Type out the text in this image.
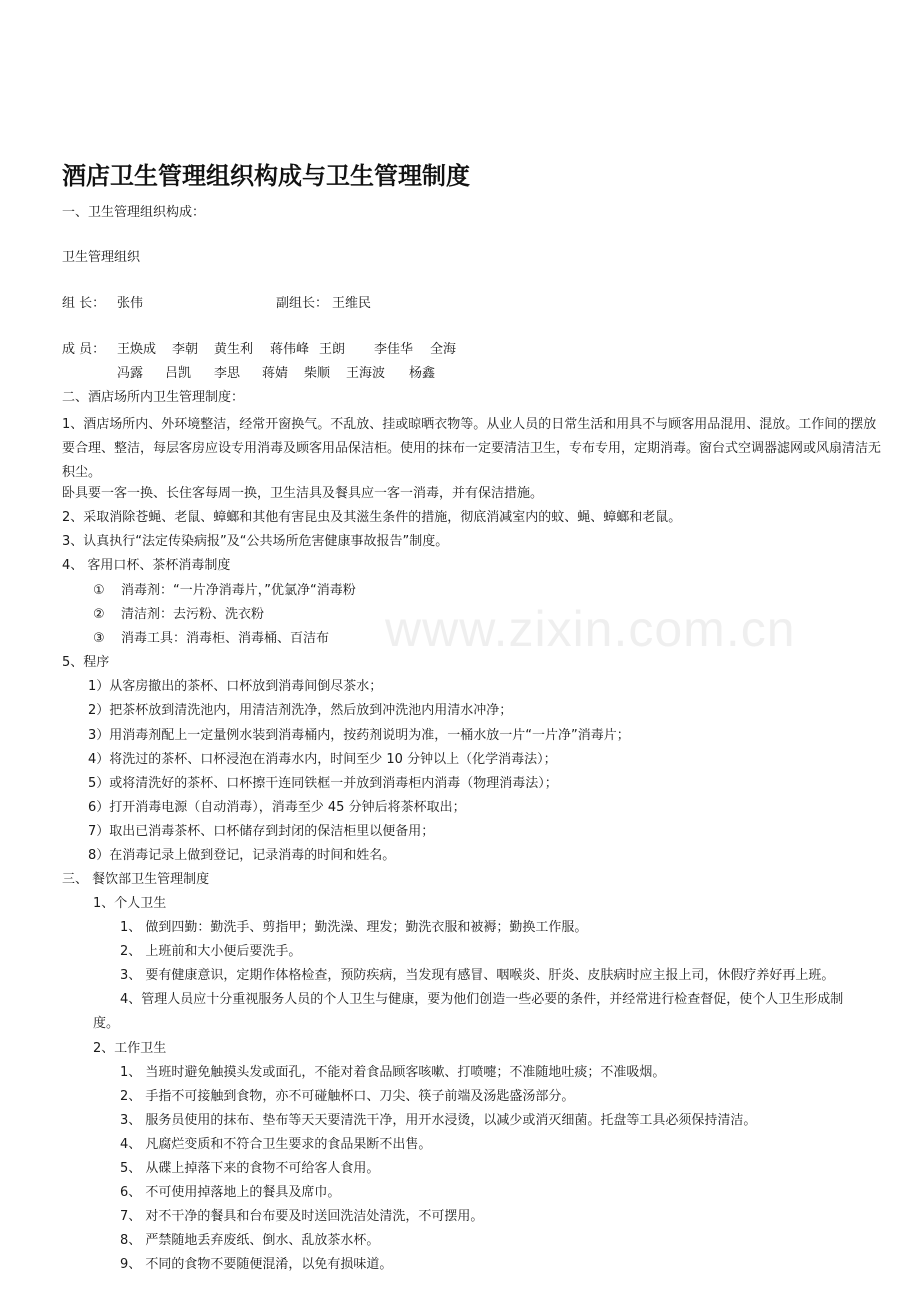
酒店卫生管理组织构成与卫生管理制度
一、卫生管理组织构成：
卫生管理组织
组 长： 张伟	副组长： 王维民
成 员： 王焕成 李朝 黄生利 蒋伟峰 王朗 李佳华 全海
冯露 吕凯 李思 蒋婧 柴顺 王海波 杨鑫
二、酒店场所内卫生管理制度：
1、酒店场所内、外环境整洁，经常开窗换气。不乱放、挂或晾晒衣物等。从业人员的日常生活和用具不与顾客用品混用、混放。工作间的摆放要合理、整洁，每层客房应设专用消毒及顾客用品保洁柜。使用的抹布一定要清洁卫生，专布专用，定期消毒。窗台式空调器滤网或风扇清洁无积尘。
卧具要一客一换、长住客每周一换，卫生洁具及餐具应一客一消毒，并有保洁措施。
2、采取消除苍蝇、老鼠、蟑螂和其他有害昆虫及其滋生条件的措施，彻底消减室内的蚊、蝇、蟑螂和老鼠。
3、认真执行“法定传染病报”及“公共场所危害健康事故报告”制度。
4、 客用口杯、茶杯消毒制度
① 消毒剂：“一片净消毒片，”优氯净“消毒粉
② 清洁剂：去污粉、洗衣粉
③ 消毒工具：消毒柜、消毒桶、百洁布
5、程序
1）从客房撤出的茶杯、口杯放到消毒间倒尽茶水；
2）把茶杯放到清洗池内，用清洁剂洗净，然后放到冲洗池内用清水冲净；
3）用消毒剂配上一定量例水装到消毒桶内，按药剂说明为准，一桶水放一片“一片净”消毒片；
4）将洗过的茶杯、口杯浸泡在消毒水内，时间至少 10 分钟以上（化学消毒法）；
5）或将清洗好的茶杯、口杯擦干连同铁框一并放到消毒柜内消毒（物理消毒法）；
6）打开消毒电源（自动消毒），消毒至少 45 分钟后将茶杯取出；
7）取出已消毒茶杯、口杯储存到封闭的保洁柜里以便备用；
8）在消毒记录上做到登记，记录消毒的时间和姓名。
三、 餐饮部卫生管理制度
1、个人卫生
1、 做到四勤：勤洗手、剪指甲；勤洗澡、理发；勤洗衣服和被褥；勤换工作服。
2、 上班前和大小便后要洗手。
3、 要有健康意识，定期作体格检查，预防疾病，当发现有感冒、咽喉炎、肝炎、皮肤病时应主报上司，休假疗养好再上班。
4、管理人员应十分重视服务人员的个人卫生与健康，要为他们创造一些必要的条件，并经常进行检查督促，使个人卫生形成制
度。
2、工作卫生
1、 当班时避免触摸头发或面孔，不能对着食品顾客咳嗽、打喷嚏；不准随地吐痰；不准吸烟。
2、 手指不可接触到食物，亦不可碰触杯口、刀尖、筷子前端及汤匙盛汤部分。
3、 服务员使用的抹布、垫布等天天要清洗干净，用开水浸烫，以减少或消灭细菌。托盘等工具必须保持清洁。
4、 凡腐烂变质和不符合卫生要求的食品果断不出售。
5、 从碟上掉落下来的食物不可给客人食用。
6、 不可使用掉落地上的餐具及席巾。
7、 对不干净的餐具和台布要及时送回洗洁处清洗，不可摆用。
8、 严禁随地丢弃废纸、倒水、乱放茶水杯。
9、 不同的食物不要随便混淆，以免有损味道。
www.zixin.com.cn
